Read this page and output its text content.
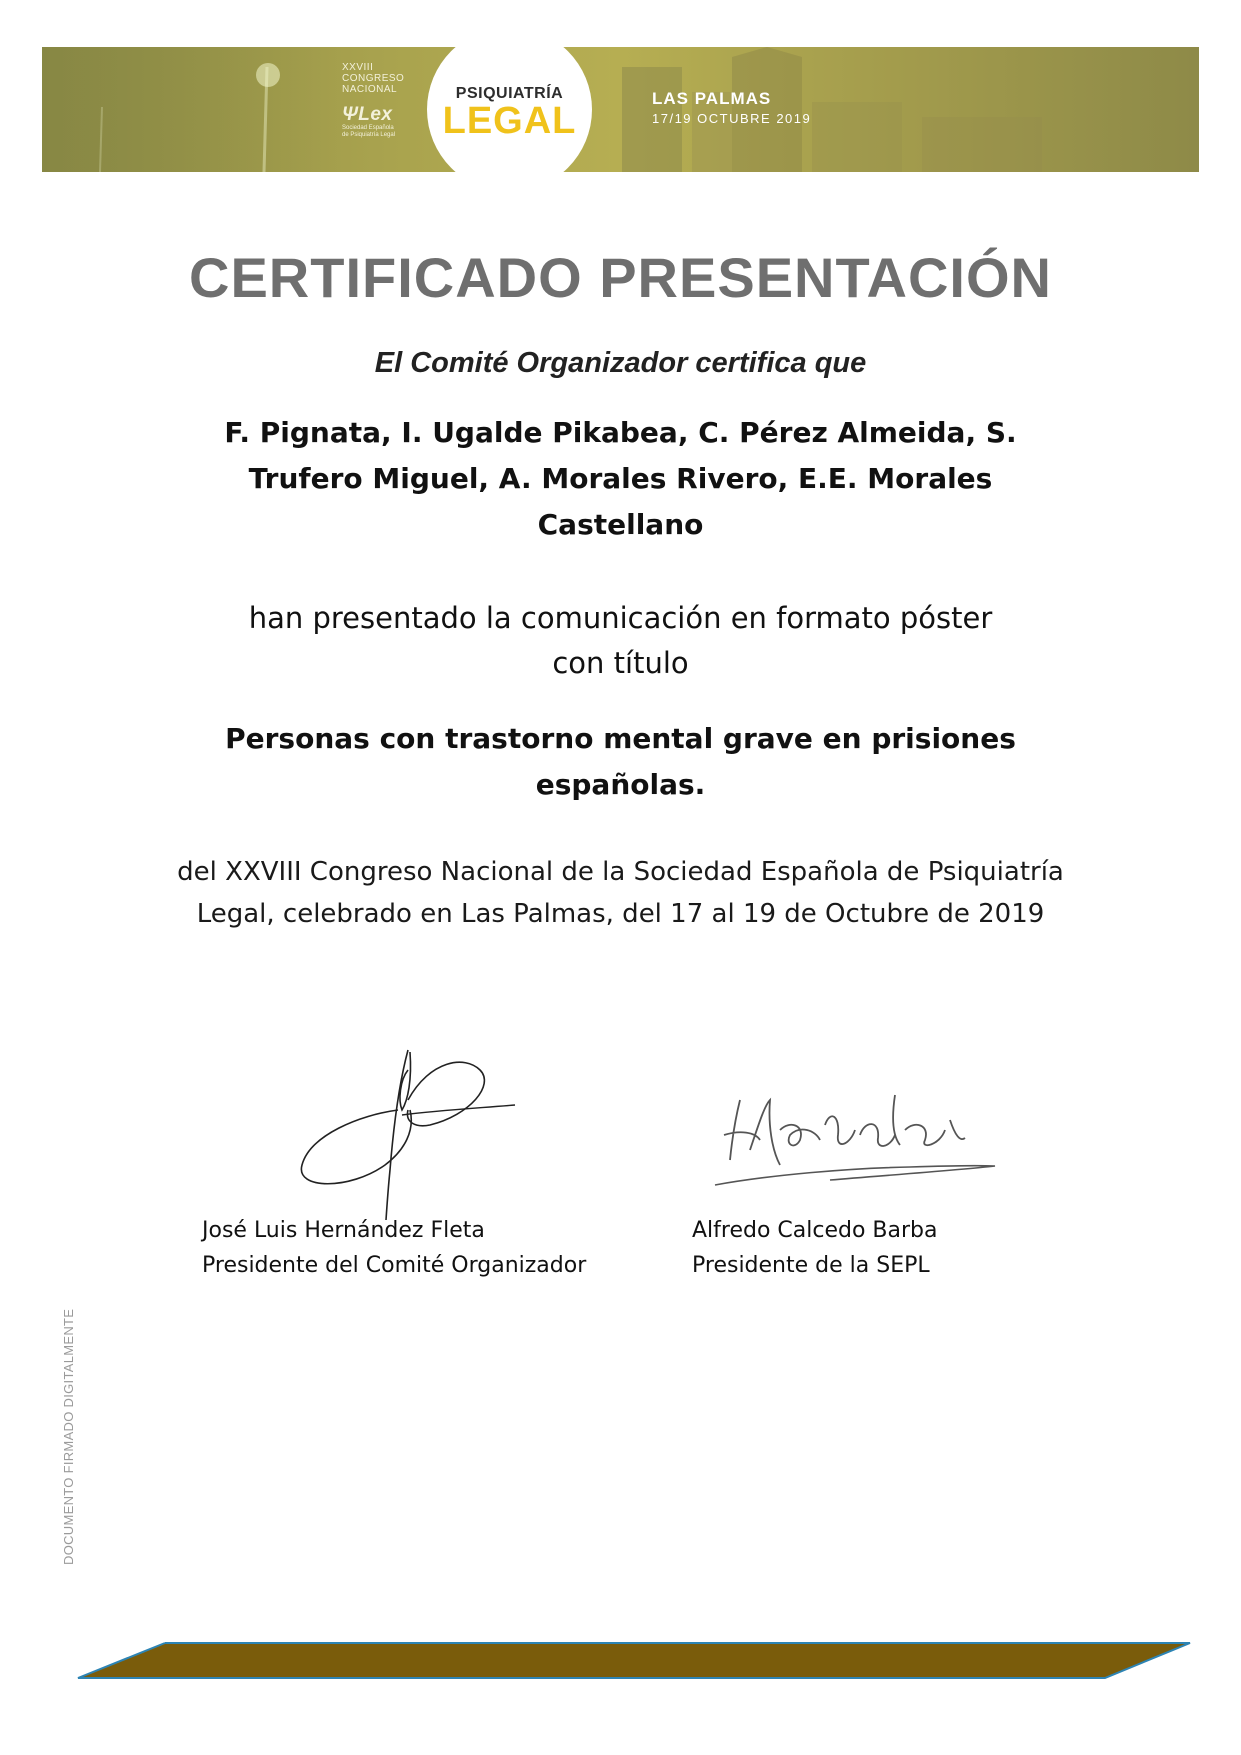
XXVIII
CONGRESO
NACIONAL
ΨLex
Sociedad Española
de Psiquiatría Legal
PSIQUIATRÍA
LEGAL
LAS PALMAS
17/19 OCTUBRE 2019
CERTIFICADO PRESENTACIÓN
El Comité Organizador certifica que
F. Pignata, I. Ugalde Pikabea, C. Pérez Almeida, S. Trufero Miguel, A. Morales Rivero, E.E. Morales Castellano
han presentado la comunicación en formato póster
con título
Personas con trastorno mental grave en prisiones españolas.
del XXVIII Congreso Nacional de la Sociedad Española de Psiquiatría
Legal, celebrado en Las Palmas, del 17 al 19 de Octubre de 2019
José Luis Hernández Fleta
Presidente del Comité Organizador
Alfredo Calcedo Barba
Presidente de la SEPL
DOCUMENTO FIRMADO DIGITALMENTE
